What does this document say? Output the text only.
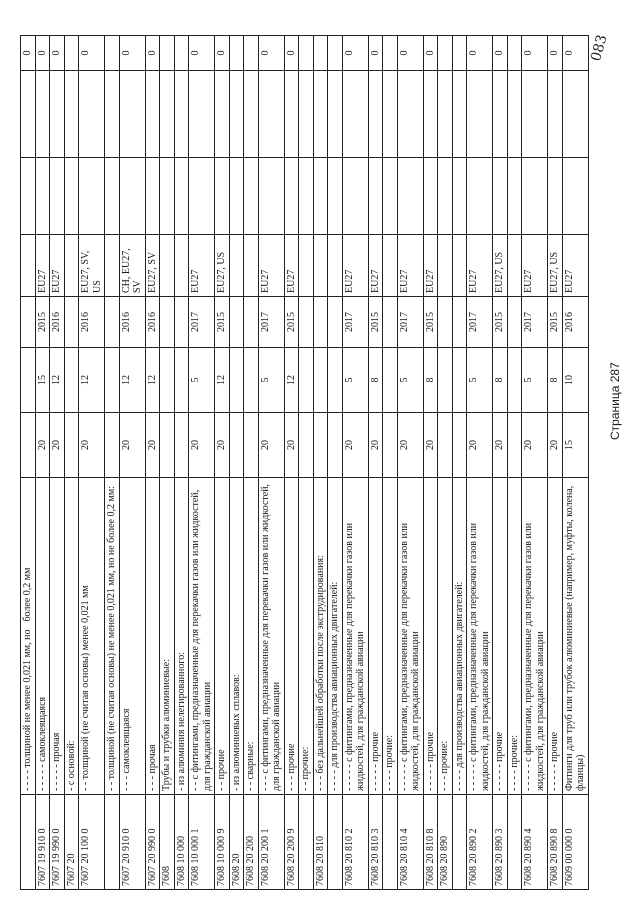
083
Страница 287
	- - - - толщиной не менее 0,021 мм, ноболее 0,2 мм							0
7607 19 910 0	- - - - - самоклеящаяся	20	15	2015	EU27			0
7607 19 990 0	- - - - - прочая	20	12	2016	EU27			0
7607 20	- с основой:							
7607 20 100 0	- - толщиной (не считая основы) менее 0,021 мм	20	12	2016	EU27, SV, US			0
	- - толщиной (не считая основы) не менее 0,021 мм, но не более 0,2 мм:							
7607 20 910 0	- - - самоклеящаяся	20	12	2016	CH, EU27, SV			0
7607 20 990 0	- - - прочая	20	12	2016	EU27, SV			0
7608	Трубы и трубки алюминиевые:							
7608 10 000	- из алюминия нелегированного:							
7608 10 000 1	- - с фитингами, предназначенные для перекачки газов или жидкостей, для гражданской авиации	20	5	2017	EU27			0
7608 10 000 9	- - прочие	20	12	2015	EU27, US			0
7608 20	- из алюминиевых сплавов:							
7608 20 200	- - сварные:							
7608 20 200 1	- - - с фитингами, предназначенные для перекачки газов или жидкостей, для гражданской авиации	20	5	2017	EU27			0
7608 20 200 9	- - - прочие	20	12	2015	EU27			0
	- - прочие:							
7608 20 810	- - - без дальнейшей обработки после экструдирования:							
	- - - - для производства авиационных двигателей:							
7608 20 810 2	- - - - - с фитингами, предназначенные для перекачки газов или жидкостей, для гражданской авиации	20	5	2017	EU27			0
7608 20 810 3	- - - - - прочие	20	8	2015	EU27			0
	- - - - прочие:							
7608 20 810 4	- - - - - с фитингами, предназначенные для перекачки газов или жидкостей, для гражданской авиации	20	5	2017	EU27			0
7608 20 810 8	- - - - - прочие	20	8	2015	EU27			0
7608 20 890	- - - прочие:							
	- - - - для производства авиационных двигателей:							
7608 20 890 2	- - - - - с фитингами, предназначенные для перекачки газов или жидкостей, для гражданской авиации	20	5	2017	EU27			0
7608 20 890 3	- - - - - прочие	20	8	2015	EU27, US			0
	- - - - прочие:							
7608 20 890 4	- - - - - с фитингами, предназначенные для перекачки газов или жидкостей, для гражданской авиации	20	5	2017	EU27			0
7608 20 890 8	- - - - - прочие	20	8	2015	EU27, US			0
7609 00 000 0	Фитинги для труб или трубок алюминиевые (например, муфты, колена, фланцы)	15	10	2016	EU27			0
